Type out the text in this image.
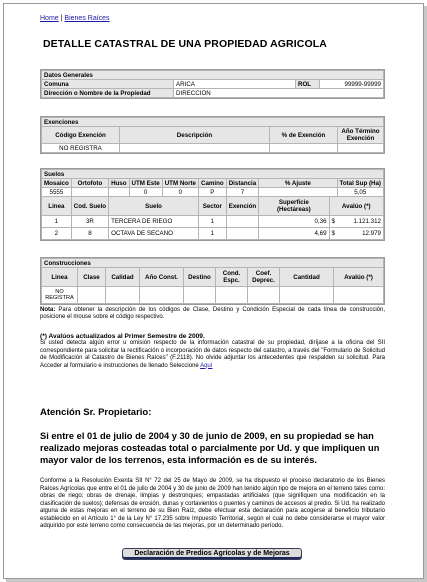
Home | Bienes Raíces
DETALLE CATASTRAL DE UNA PROPIEDAD AGRICOLA
Datos Generales			
Comuna	ARICA	ROL	99999-99999
Dirección o Nombre de la Propiedad	DIRECCION		
Exenciones			
Código Exención	Descripción	% de Exención	Año Término Exención
NO REGISTRA			
Suelos									
Mosaico	Ortofoto	Huso	UTM Este	UTM Norte	Camino	Distancia	% Ajuste		Total Sup (Ha)
5555			0	0	P	7			5,05
Linea	Cod. Suelo	Suelo			Sector	Exención	Superficie (Hectáreas)	Avalúo (*)	
1	3R	TERCERA DE RIEGO			1		0,36	$	1.121.312
2	8	OCTAVA DE SECANO			1		4,69	$	12.979
Construcciones								
Linea	Clase	Calidad	Año Const.	Destino	Cond. Espc.	Coef. Deprec.	Cantidad	Avalúo (*)
NO REGISTRA								
Nota: Para obtener la descripción de los códigos de Clase, Destino y Condición Especial de cada línea de construcción, posicione el mouse sobre el código respectivo.
(*) Avalúos actualizados al Primer Semestre de 2009.
Si usted detecta algún error u omisión respecto de la información catastral de su propiedad, diríjase a la oficina del SII correspondiente para solicitar la rectificación o incorporación de datos respecto del catastro, a través del "Formulario de Solicitud de Modificación al Catastro de Bienes Raíces" (F.2118). No olvide adjuntar los antecedentes que respalden su solicitud. Para Acceder al formulario e instrucciones de llenado Seleccione Aquí
Atención Sr. Propietario:
Si entre el 01 de julio de 2004 y 30 de junio de 2009, en su propiedad se han realizado mejoras costeadas total o parcialmente por Ud. y que impliquen un mayor valor de los terrenos, esta información es de su interés.
Conforme a la Resolución Exenta SII N° 72 del 25 de Mayo de 2009, se ha dispuesto el proceso declaratorio de los Bienes Raíces Agrícolas que entre el 01 de julio de 2004 y 30 de junio de 2009 han tenido algún tipo de mejora en el terreno tales como: obras de riego; obras de drenaje, limpias y destronques; empastadas artificiales (que signifiquen una modificación en la clasificación de suelos); defensas de erosión, dunas y cortavientos o puentes y caminos de accesos al predio. Si Ud. ha realizado alguna de estas mejoras en el terreno de su Bien Raíz, debe efectuar esta declaración para acogerse al beneficio tributario establecido en el Artículo 1° de la Ley N° 17.235 sobre Impuesto Territorial, según el cual no debe considerarse el mayor valor adquirido por este terreno como consecuencia de las mejoras, por un determinado período.
Declaración de Predios Agrícolas y de Mejoras
